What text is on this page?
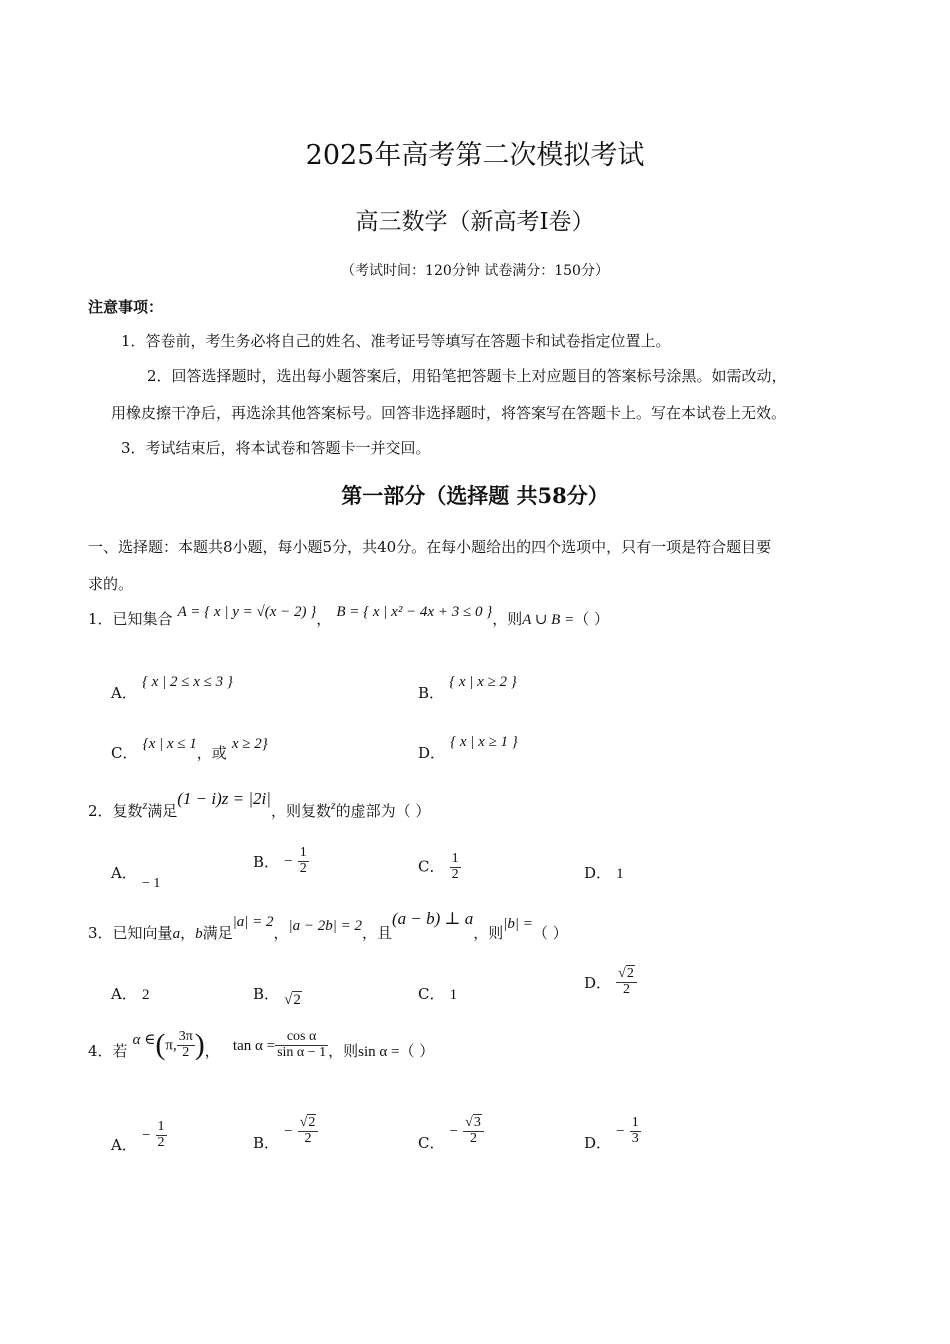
2025年高考第二次模拟考试
高三数学（新高考Ⅰ卷）
（考试时间：120分钟 试卷满分：150分）
注意事项：
1．答卷前，考生务必将自己的姓名、准考证号等填写在答题卡和试卷指定位置上。
2．回答选择题时，选出每小题答案后，用铅笔把答题卡上对应题目的答案标号涂黑。如需改动，
用橡皮擦干净后，再选涂其他答案标号。回答非选择题时，将答案写在答题卡上。写在本试卷上无效。
3．考试结束后，将本试卷和答题卡一并交回。
第一部分（选择题 共58分）
一、选择题：本题共8小题，每小题5分，共40分。在每小题给出的四个选项中，只有一项是符合题目要
求的。
1．已知集合 A = { x | y = √(x − 2) }， B = { x | x² − 4x + 3 ≤ 0 }，则A ∪ B =（ ）
A． { x | 2 ≤ x ≤ 3 }
B． { x | x ≥ 2 }
C． {x | x ≤ 1，或 x ≥ 2}	D． { x | x ≥ 1 }
2．复数$_z$满足(1 − i)z = |2i|，则复数$_z$的虚部为（ ）
A． − 1
B． − $\frac{1}{2}$	C． $\frac{1}{2}$	D． 1
3．已知向量a，b满足|a| = 2，|a − 2b| = 2，且(a − b) ⊥ a，则|b| =（ ）
A． 2	B． √2	C． 1
D． $\frac{√2}{2}$
4．若 α ∈(π, $\frac{3\pi}{2}$ )， $\tan \alpha = \frac{\text{cos α}}{\text{sin α − 1}}$ ，则sin α =（ ）
A． − $\frac{1}{2}$	B． − $\frac{√2}{2}$	C． − $\frac{√3}{2}$	D． − $\frac{1}{3}$
